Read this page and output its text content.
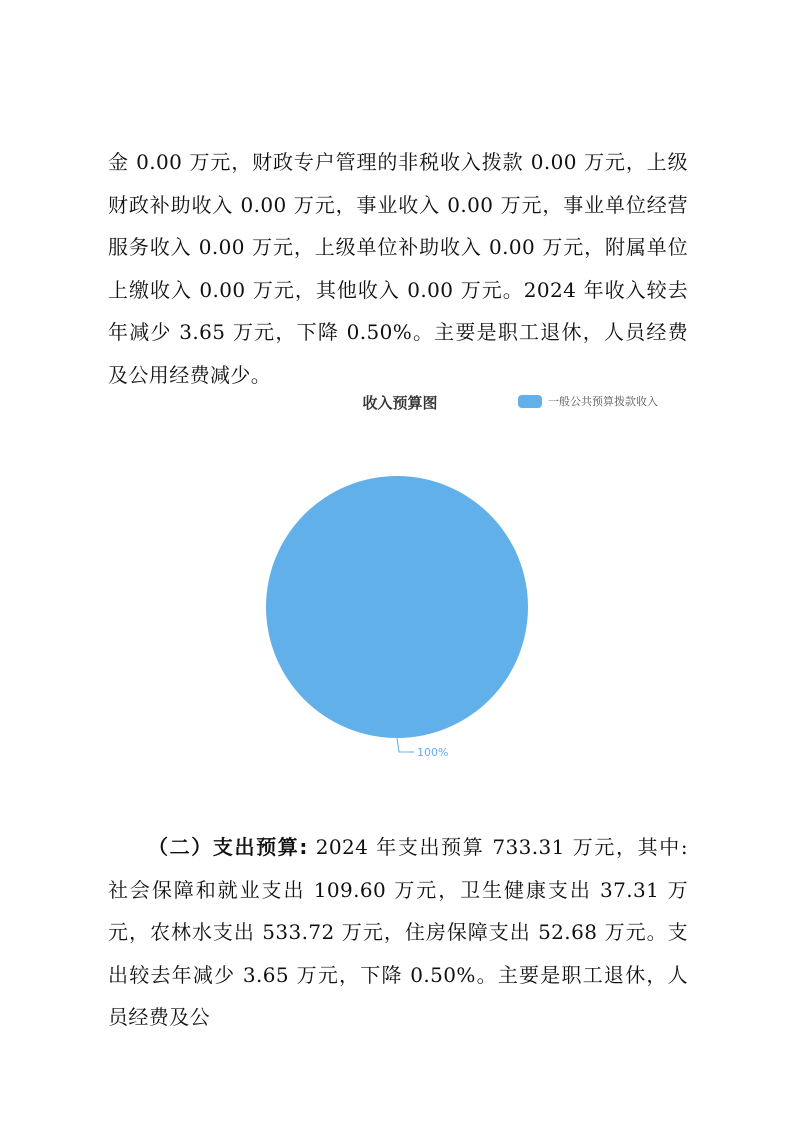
金 0.00 万元，财政专户管理的非税收入拨款 0.00 万元，上级财政补助收入 0.00 万元，事业收入 0.00 万元，事业单位经营服务收入 0.00 万元，上级单位补助收入 0.00 万元，附属单位上缴收入 0.00 万元，其他收入 0.00 万元。2024 年收入较去年减少 3.65 万元，下降 0.50%。主要是职工退休，人员经费及公用经费减少。

收入预算图	一般公共预算拨款收入
100%

（二）支出预算: 2024 年支出预算 733.31 万元，其中: 社会保障和就业支出 109.60 万元，卫生健康支出 37.31 万元，农林水支出 533.72 万元，住房保障支出 52.68 万元。支出较去年减少 3.65 万元，下降 0.50%。主要是职工退休，人员经费及公
